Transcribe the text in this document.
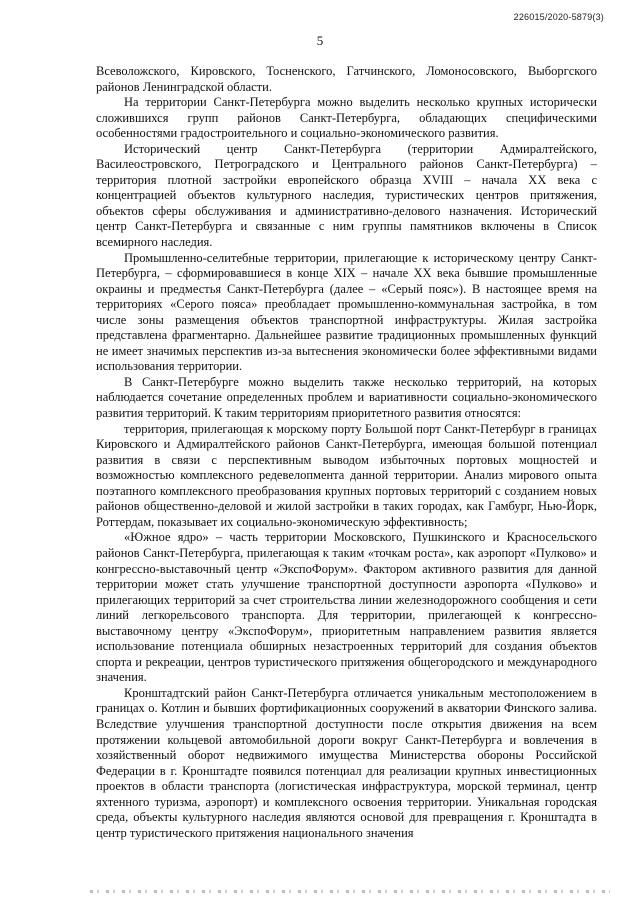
226015/2020-5879(3)
5

Всеволожского, Кировского, Тосненского, Гатчинского, Ломоносовского, Выборгского районов Ленинградской области.

На территории Санкт-Петербурга можно выделить несколько крупных исторически сложившихся групп районов Санкт-Петербурга, обладающих специфическими особенностями градостроительного и социально-экономического развития.

Исторический центр Санкт-Петербурга (территории Адмиралтейского, Василеостровского, Петроградского и Центрального районов Санкт-Петербурга) – территория плотной застройки европейского образца XVIII – начала XX века с концентрацией объектов культурного наследия, туристических центров притяжения, объектов сферы обслуживания и административно-делового назначения. Исторический центр Санкт-Петербурга и связанные с ним группы памятников включены в Список всемирного наследия.

Промышленно-селитебные территории, прилегающие к историческому центру Санкт-Петербурга, – сформировавшиеся в конце XIX – начале XX века бывшие промышленные окраины и предместья Санкт-Петербурга (далее – «Серый пояс»). В настоящее время на территориях «Серого пояса» преобладает промышленно-коммунальная застройка, в том числе зоны размещения объектов транспортной инфраструктуры. Жилая застройка представлена фрагментарно. Дальнейшее развитие традиционных промышленных функций не имеет значимых перспектив из-за вытеснения экономически более эффективными видами использования территории.

В Санкт-Петербурге можно выделить также несколько территорий, на которых наблюдается сочетание определенных проблем и вариативности социально-экономического развития территорий. К таким территориям приоритетного развития относятся:

территория, прилегающая к морскому порту Большой порт Санкт-Петербург в границах Кировского и Адмиралтейского районов Санкт-Петербурга, имеющая большой потенциал развития в связи с перспективным выводом избыточных портовых мощностей и возможностью комплексного редевелопмента данной территории. Анализ мирового опыта поэтапного комплексного преобразования крупных портовых территорий с созданием новых районов общественно-деловой и жилой застройки в таких городах, как Гамбург, Нью-Йорк, Роттердам, показывает их социально-экономическую эффективность;

«Южное ядро» – часть территории Московского, Пушкинского и Красносельского районов Санкт-Петербурга, прилегающая к таким «точкам роста», как аэропорт «Пулково» и конгрессно-выставочный центр «ЭкспоФорум». Фактором активного развития для данной территории может стать улучшение транспортной доступности аэропорта «Пулково» и прилегающих территорий за счет строительства линии железнодорожного сообщения и сети линий легкорельсового транспорта. Для территории, прилегающей к конгрессно-выставочному центру «ЭкспоФорум», приоритетным направлением развития является использование потенциала обширных незастроенных территорий для создания объектов спорта и рекреации, центров туристического притяжения общегородского и международного значения.

Кронштадтский район Санкт-Петербурга отличается уникальным местоположением в границах о. Котлин и бывших фортификационных сооружений в акватории Финского залива. Вследствие улучшения транспортной доступности после открытия движения на всем протяжении кольцевой автомобильной дороги вокруг Санкт-Петербурга и вовлечения в хозяйственный оборот недвижимого имущества Министерства обороны Российской Федерации в г. Кронштадте появился потенциал для реализации крупных инвестиционных проектов в области транспорта (логистическая инфраструктура, морской терминал, центр яхтенного туризма, аэропорт) и комплексного освоения территории. Уникальная городская среда, объекты культурного наследия являются основой для превращения г. Кронштадта в центр туристического притяжения национального значения
